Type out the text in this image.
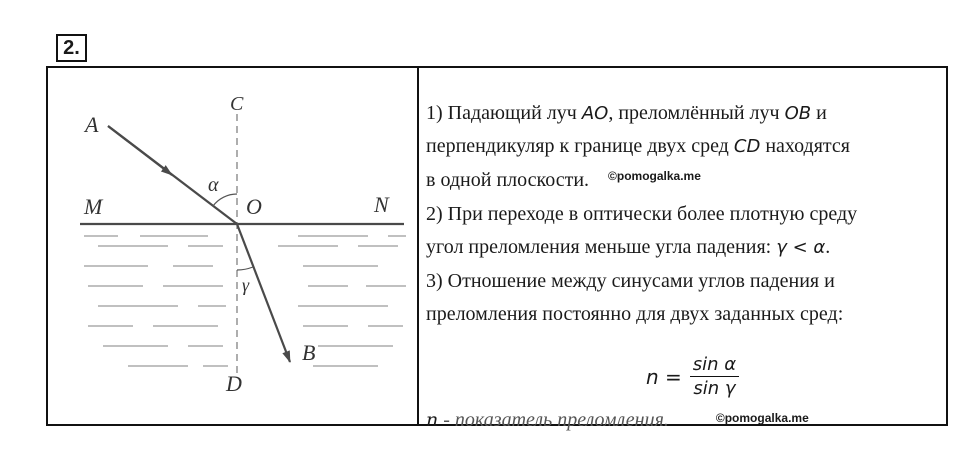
2.
A
C
M	O	N
α
γ
B
D
1) Падающий луч AO, преломлённый луч OB и
перпендикуляр к границе двух сред CD находятся
в одной плоскости. $^{©pomogalka.me}$
2) При переходе в оптически более плотную среду
угол преломления меньше угла падения: γ < α.
3) Отношение между синусами углов падения и
преломления постоянно для двух заданных сред:
$n = \frac{\text{sin α}}{\text{sin γ}}$
n - показатель преломления.	$^{©pomogalka.me}$
